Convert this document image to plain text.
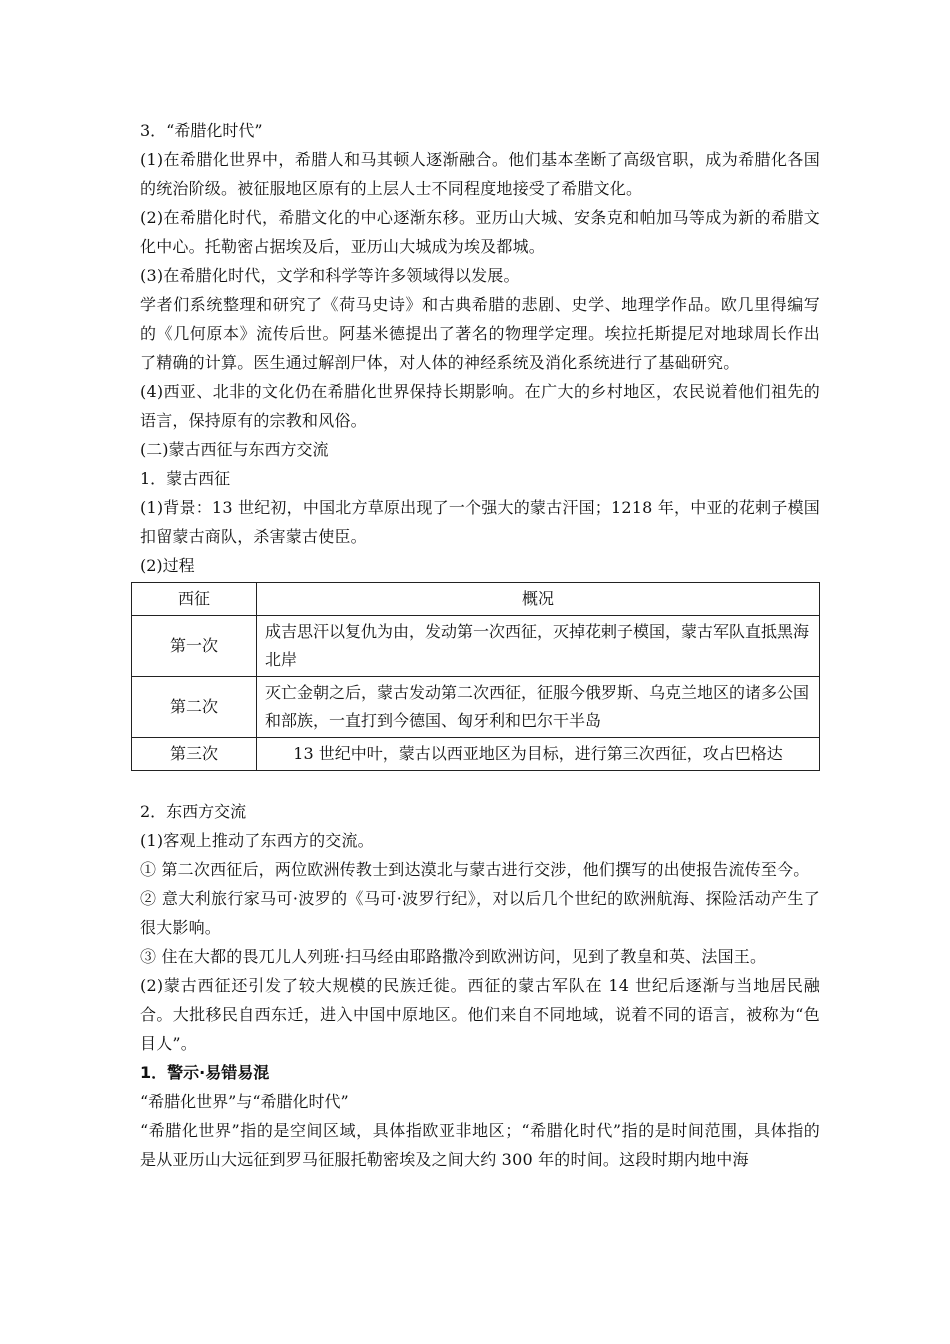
3．“希腊化时代”

(1)在希腊化世界中，希腊人和马其顿人逐渐融合。他们基本垄断了高级官职，成为希腊化各国的统治阶级。被征服地区原有的上层人士不同程度地接受了希腊文化。

(2)在希腊化时代，希腊文化的中心逐渐东移。亚历山大城、安条克和帕加马等成为新的希腊文化中心。托勒密占据埃及后，亚历山大城成为埃及都城。

(3)在希腊化时代，文学和科学等许多领域得以发展。

学者们系统整理和研究了《荷马史诗》和古典希腊的悲剧、史学、地理学作品。欧几里得编写的《几何原本》流传后世。阿基米德提出了著名的物理学定理。埃拉托斯提尼对地球周长作出了精确的计算。医生通过解剖尸体，对人体的神经系统及消化系统进行了基础研究。

(4)西亚、北非的文化仍在希腊化世界保持长期影响。在广大的乡村地区，农民说着他们祖先的语言，保持原有的宗教和风俗。

(二)蒙古西征与东西方交流

1．蒙古西征

(1)背景：13 世纪初，中国北方草原出现了一个强大的蒙古汗国；1218 年，中亚的花剌子模国扣留蒙古商队，杀害蒙古使臣。

(2)过程

西征	概况
第一次	成吉思汗以复仇为由，发动第一次西征，灭掉花剌子模国，蒙古军队直抵黑海北岸
第二次	灭亡金朝之后，蒙古发动第二次西征，征服今俄罗斯、乌克兰地区的诸多公国和部族，一直打到今德国、匈牙利和巴尔干半岛
第三次	13 世纪中叶，蒙古以西亚地区为目标，进行第三次西征，攻占巴格达

2．东西方交流

(1)客观上推动了东西方的交流。

① 第二次西征后，两位欧洲传教士到达漠北与蒙古进行交涉，他们撰写的出使报告流传至今。

② 意大利旅行家马可·波罗的《马可·波罗行纪》，对以后几个世纪的欧洲航海、探险活动产生了很大影响。

③ 住在大都的畏兀儿人列班·扫马经由耶路撒冷到欧洲访问，见到了教皇和英、法国王。

(2)蒙古西征还引发了较大规模的民族迁徙。西征的蒙古军队在 14 世纪后逐渐与当地居民融合。大批移民自西东迁，进入中国中原地区。他们来自不同地域，说着不同的语言，被称为“色目人”。

1．警示·易错易混

“希腊化世界”与“希腊化时代”

“希腊化世界”指的是空间区域，具体指欧亚非地区；“希腊化时代”指的是时间范围，具体指的是从亚历山大远征到罗马征服托勒密埃及之间大约 300 年的时间。这段时期内地中海
